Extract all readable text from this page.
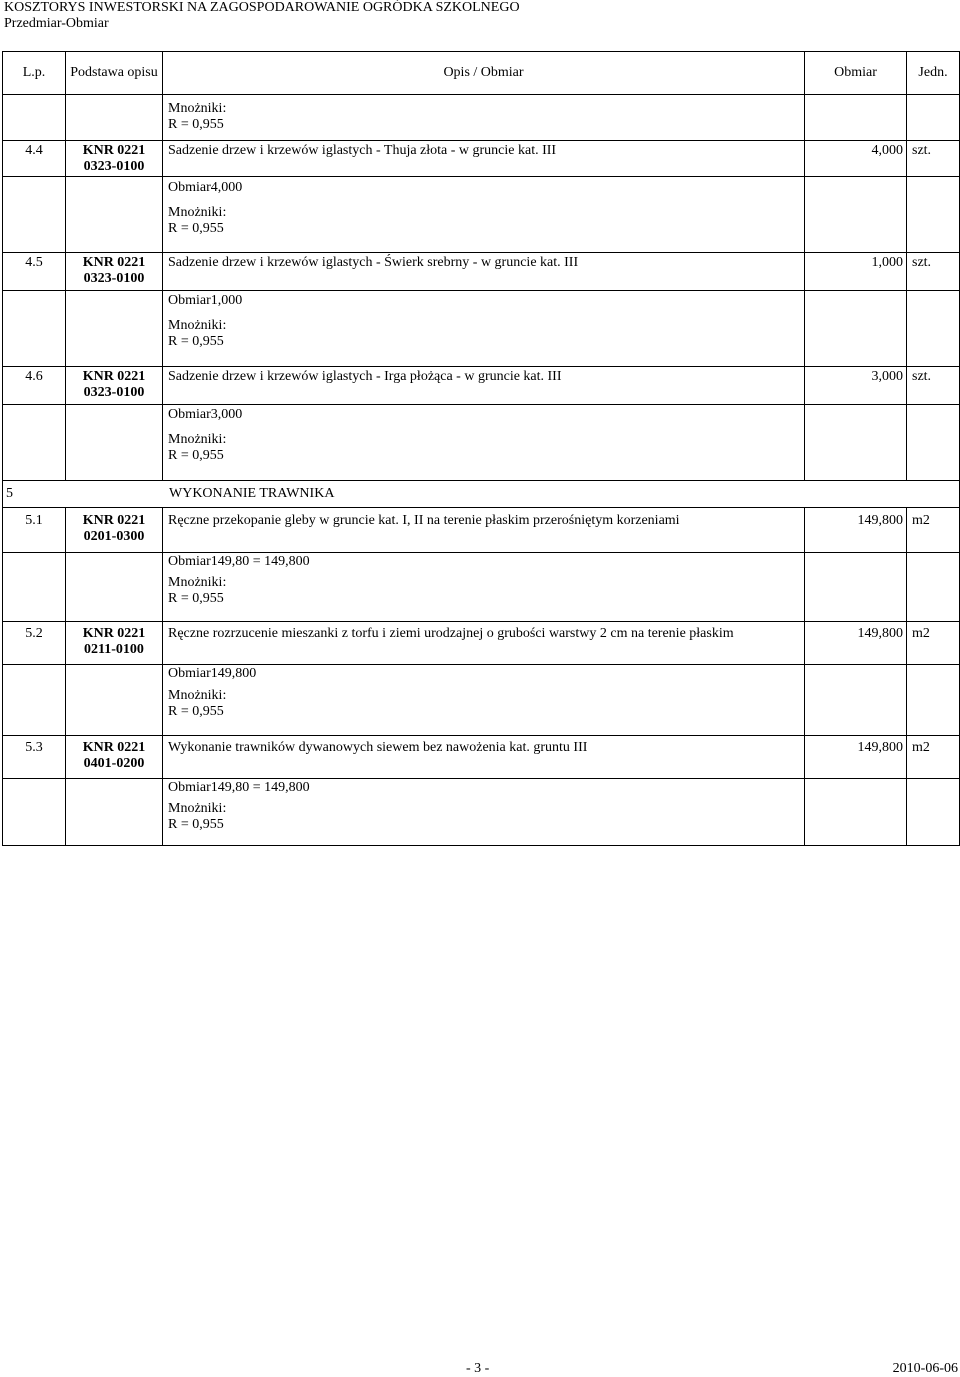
KOSZTORYS INWESTORSKI NA ZAGOSPODAROWANIE OGRÓDKA SZKOLNEGO
Przedmiar-Obmiar
L.p.	Podstawa opisu	Opis / Obmiar	Obmiar	Jedn.

		Mnożniki:
R = 0,955		

4.4	KNR 0221
0323-0100	Sadzenie drzew i krzewów iglastych - Thuja złota - w gruncie kat. III	4,000	szt.

		Obmiar4,000
Mnożniki:
R = 0,955		

4.5	KNR 0221
0323-0100	Sadzenie drzew i krzewów iglastych - Świerk srebrny - w gruncie kat. III	1,000	szt.

		Obmiar1,000
Mnożniki:
R = 0,955		

4.6	KNR 0221
0323-0100	Sadzenie drzew i krzewów iglastych - Irga płożąca - w gruncie kat. III	3,000	szt.

		Obmiar3,000
Mnożniki:
R = 0,955		

5 WYKONANIE TRAWNIKA				
5.1	KNR 0221
0201-0300	Ręczne przekopanie gleby w gruncie kat. I, II na terenie płaskim przerośniętym korzeniami	149,800	m2

		Obmiar149,80 = 149,800
Mnożniki:
R = 0,955		

5.2	KNR 0221
0211-0100	Ręczne rozrzucenie mieszanki z torfu i ziemi urodzajnej o grubości warstwy 2 cm na terenie płaskim	149,800	m2

		Obmiar149,800
Mnożniki:
R = 0,955		

5.3	KNR 0221
0401-0200	Wykonanie trawników dywanowych siewem bez nawożenia kat. gruntu III	149,800	m2

		Obmiar149,80 = 149,800
Mnożniki:
R = 0,955		

- 3 -	2010-06-06
